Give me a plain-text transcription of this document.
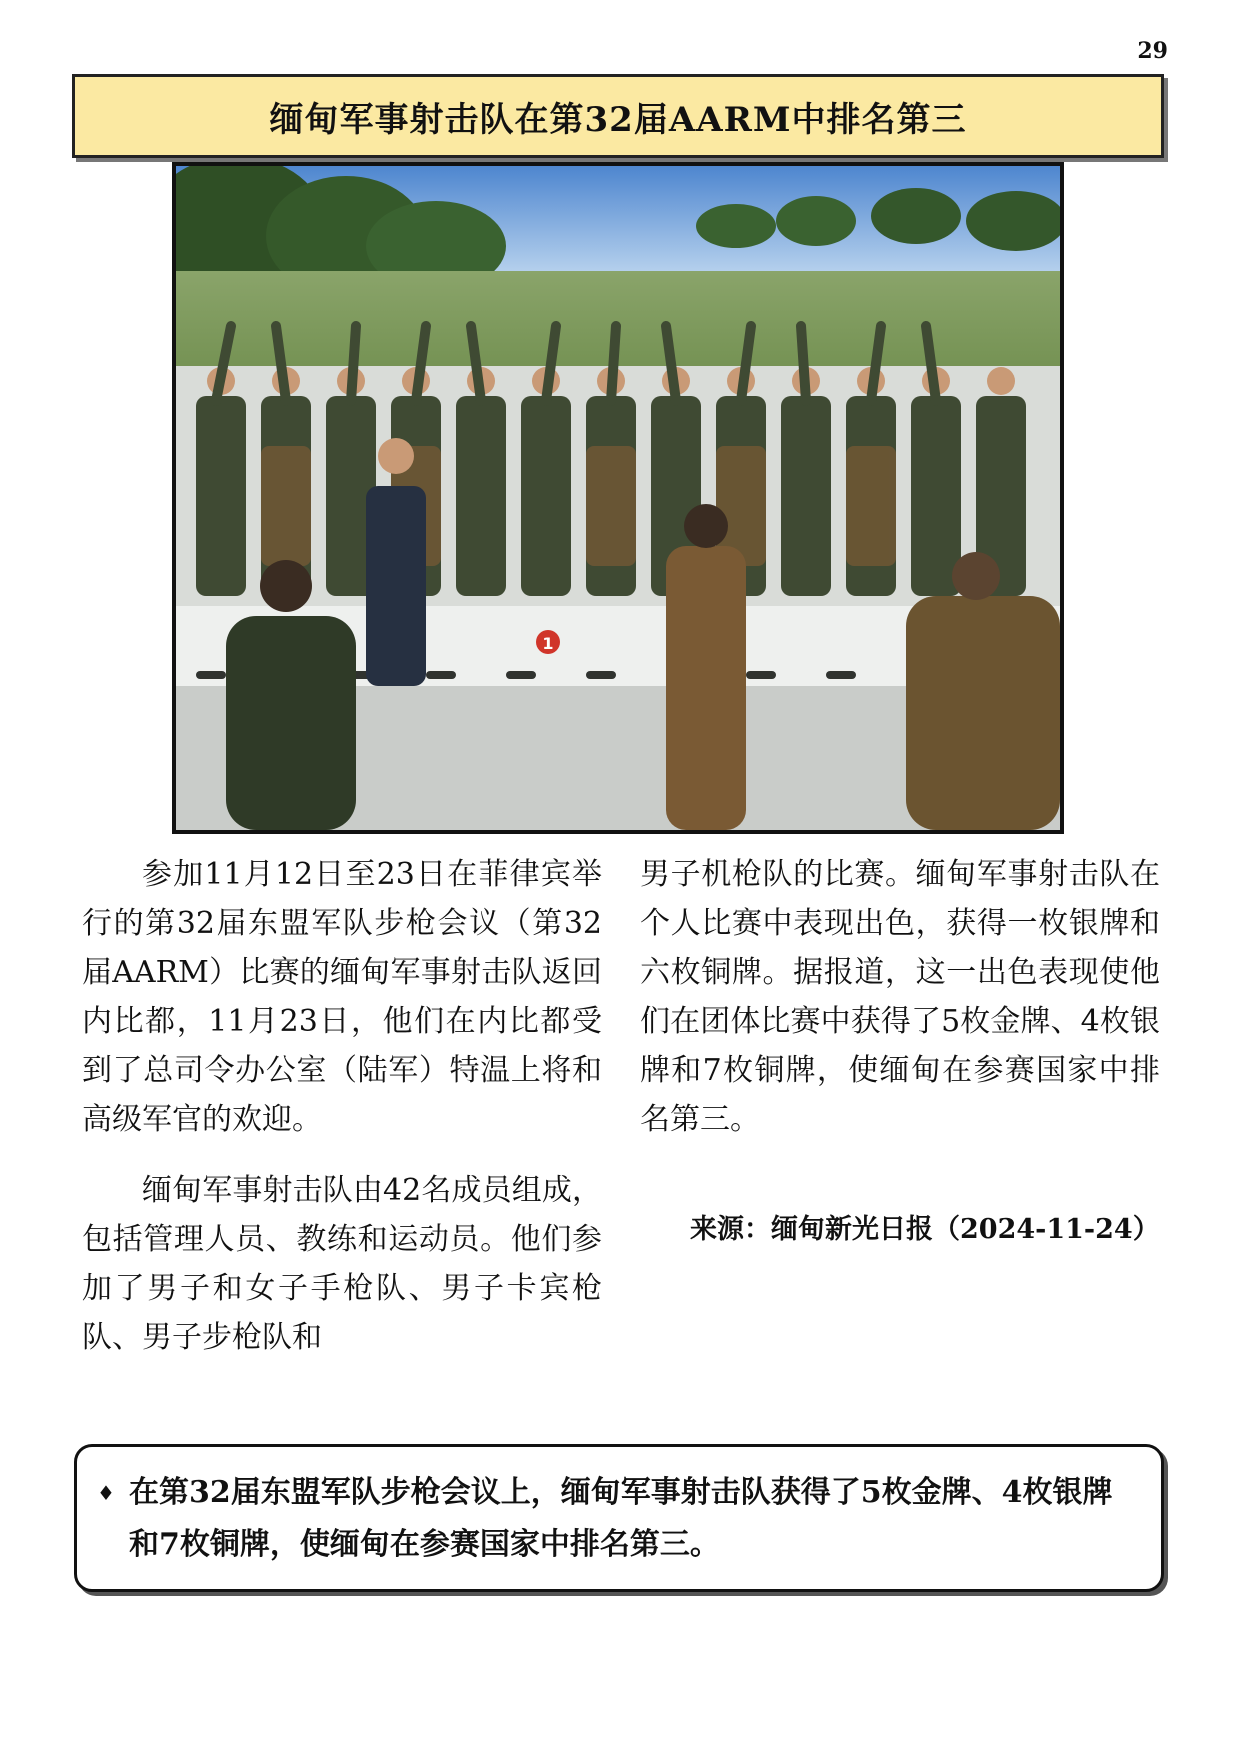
29
缅甸军事射击队在第32届AARM中排名第三
1

参加11月12日至23日在菲律宾举行的第32届东盟军队步枪会议（第32届AARM）比赛的缅甸军事射击队返回内比都，11月23日，他们在内比都受到了总司令办公室（陆军）特温上将和高级军官的欢迎。

缅甸军事射击队由42名成员组成，包括管理人员、教练和运动员。他们参加了男子和女子手枪队、男子卡宾枪队、男子步枪队和

男子机枪队的比赛。缅甸军事射击队在个人比赛中表现出色，获得一枚银牌和六枚铜牌。据报道，这一出色表现使他们在团体比赛中获得了5枚金牌、4枚银牌和7枚铜牌，使缅甸在参赛国家中排名第三。

来源：缅甸新光日报（2024-11-24）
♦ 在第32届东盟军队步枪会议上，缅甸军事射击队获得了5枚金牌、4枚银牌和7枚铜牌，使缅甸在参赛国家中排名第三。
